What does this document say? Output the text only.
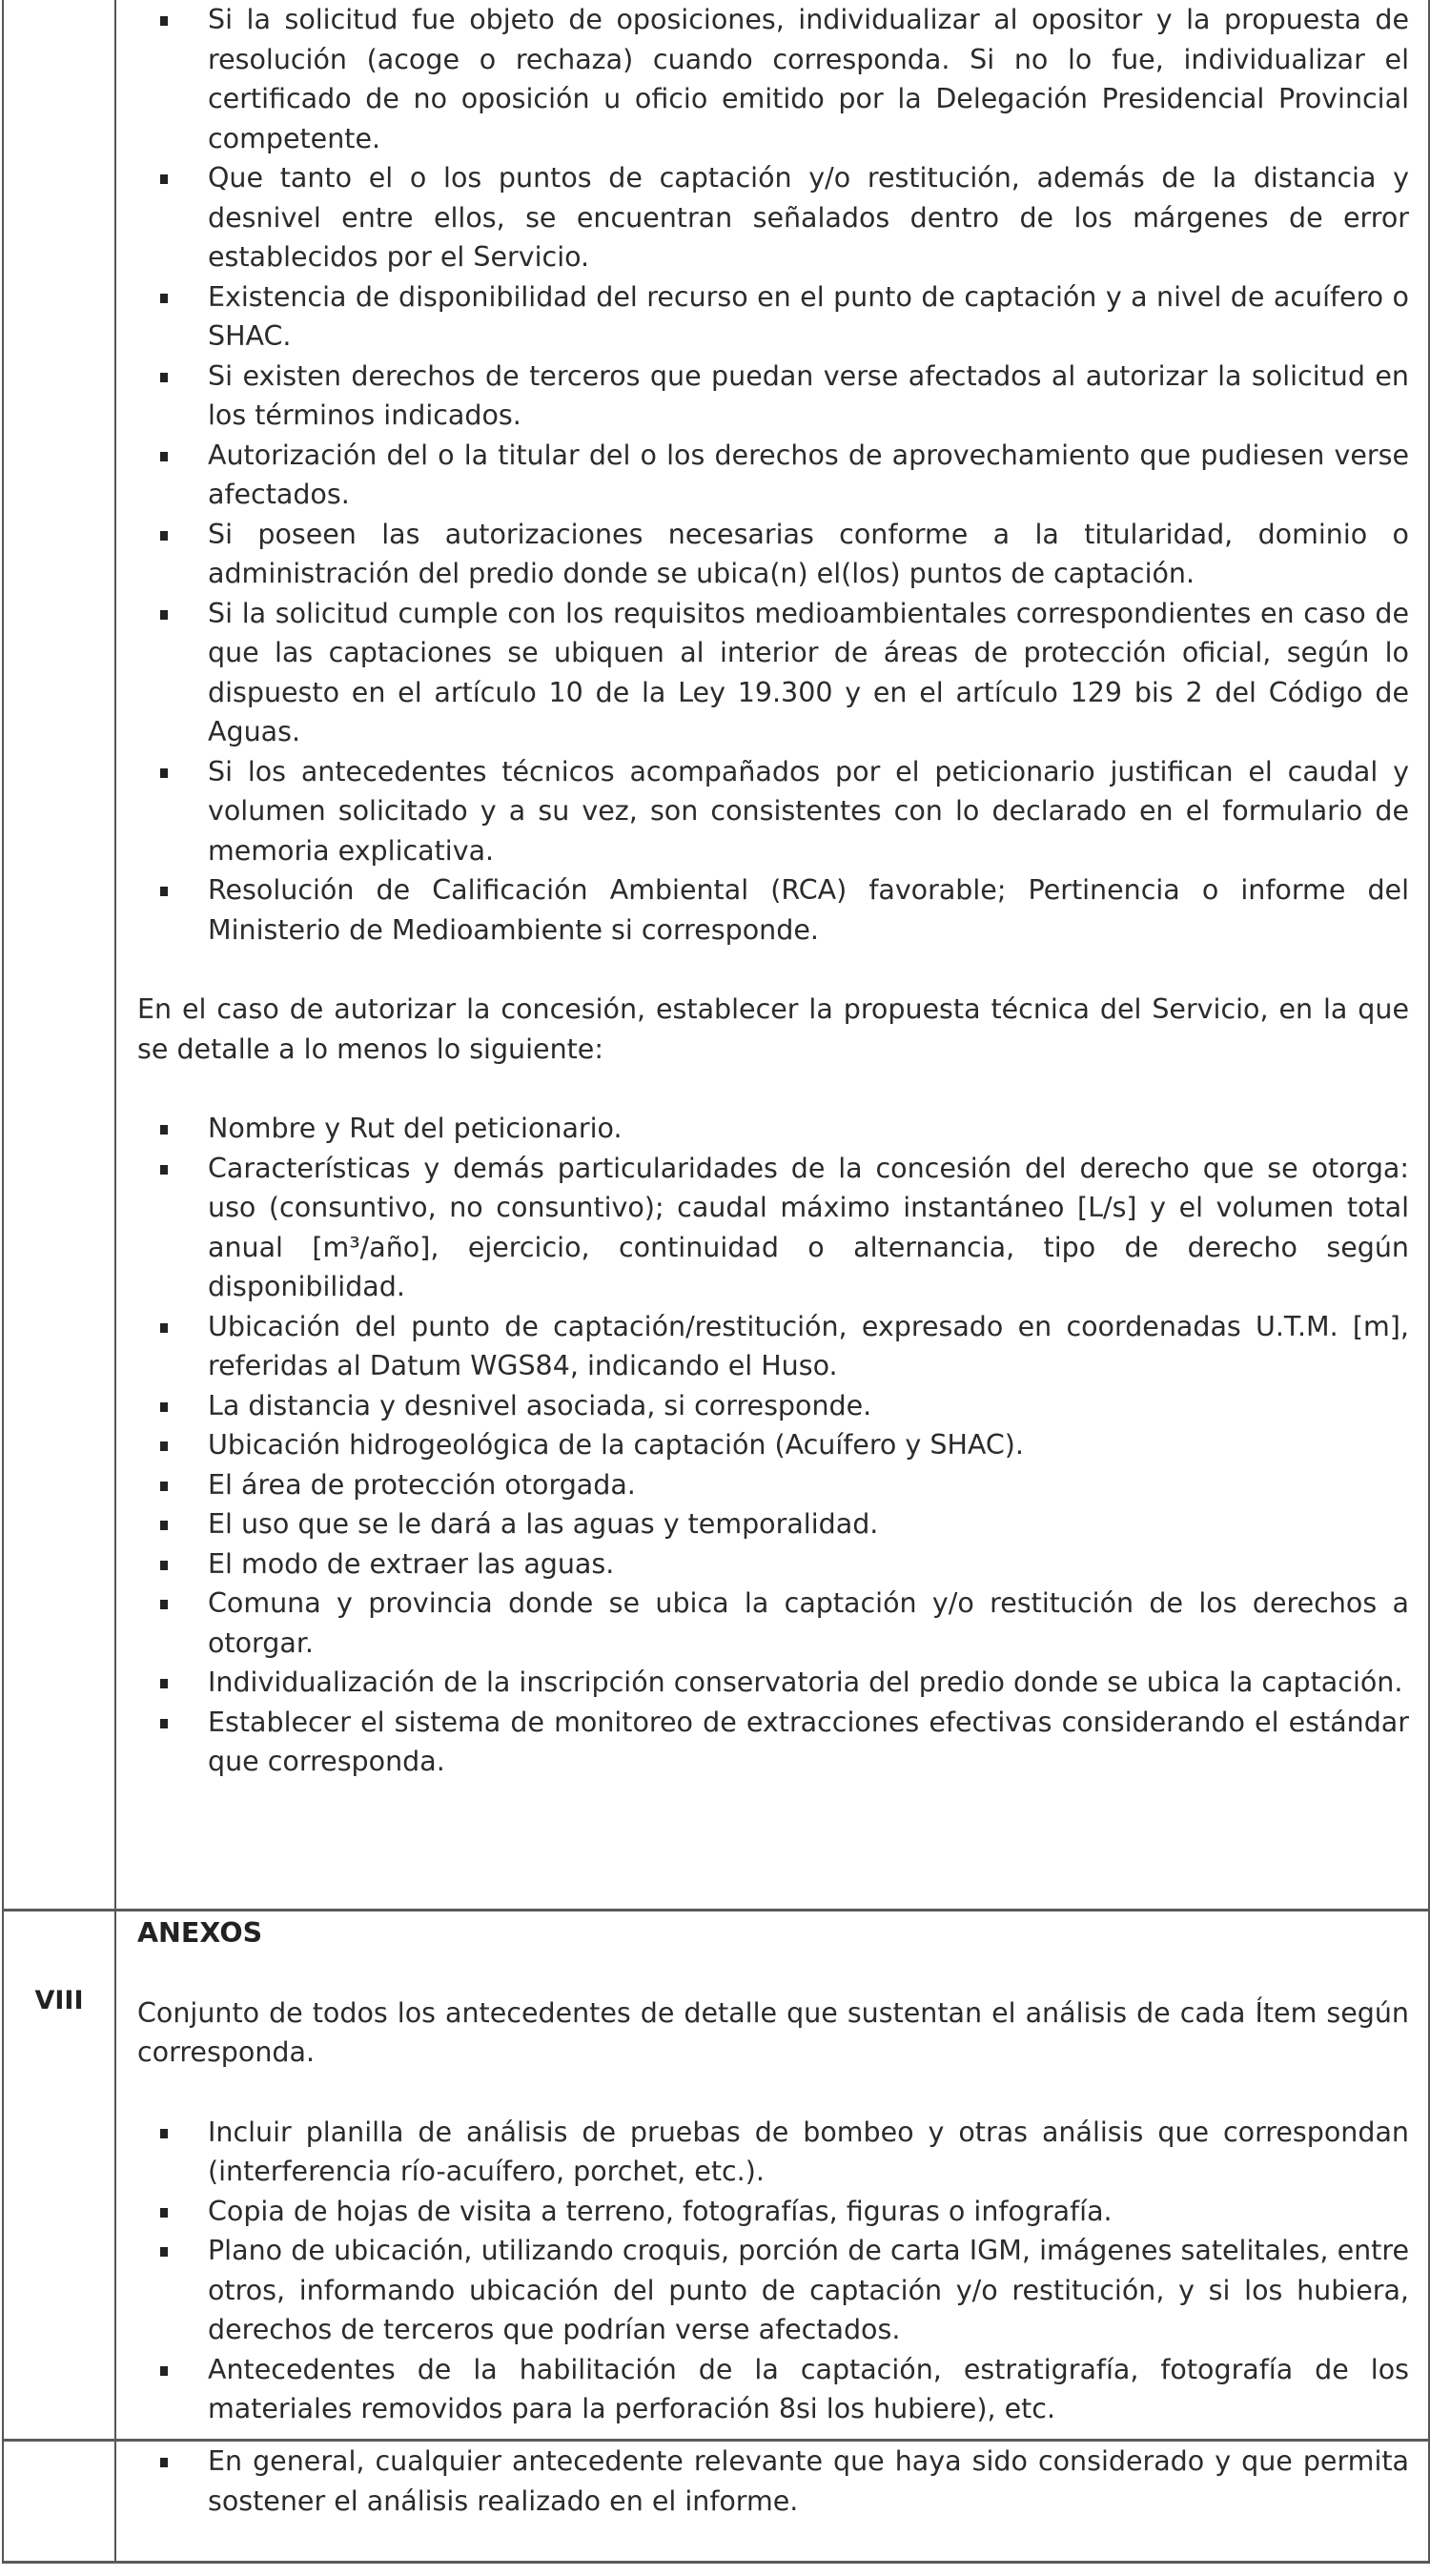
Si la solicitud fue objeto de oposiciones, individualizar al opositor y la propuesta de resolución (acoge o rechaza) cuando corresponda. Si no lo fue, individualizar el certificado de no oposición u oficio emitido por la Delegación Presidencial Provincial competente.
Que tanto el o los puntos de captación y/o restitución, además de la distancia y desnivel entre ellos, se encuentran señalados dentro de los márgenes de error establecidos por el Servicio.
Existencia de disponibilidad del recurso en el punto de captación y a nivel de acuífero o SHAC.
Si existen derechos de terceros que puedan verse afectados al autorizar la solicitud en los términos indicados.
Autorización del o la titular del o los derechos de aprovechamiento que pudiesen verse afectados.
Si poseen las autorizaciones necesarias conforme a la titularidad, dominio o administración del predio donde se ubica(n) el(los) puntos de captación.
Si la solicitud cumple con los requisitos medioambientales correspondientes en caso de que las captaciones se ubiquen al interior de áreas de protección oficial, según lo dispuesto en el artículo 10 de la Ley 19.300 y en el artículo 129 bis 2 del Código de Aguas.
Si los antecedentes técnicos acompañados por el peticionario justifican el caudal y volumen solicitado y a su vez, son consistentes con lo declarado en el formulario de memoria explicativa.
Resolución de Calificación Ambiental (RCA) favorable; Pertinencia o informe del Ministerio de Medioambiente si corresponde.

En el caso de autorizar la concesión, establecer la propuesta técnica del Servicio, en la que se detalle a lo menos lo siguiente:

Nombre y Rut del peticionario.
Características y demás particularidades de la concesión del derecho que se otorga: uso (consuntivo, no consuntivo); caudal máximo instantáneo [L/s] y el volumen total anual [m³/año], ejercicio, continuidad o alternancia, tipo de derecho según disponibilidad.
Ubicación del punto de captación/restitución, expresado en coordenadas U.T.M. [m], referidas al Datum WGS84, indicando el Huso.
La distancia y desnivel asociada, si corresponde.
Ubicación hidrogeológica de la captación (Acuífero y SHAC).
El área de protección otorgada.
El uso que se le dará a las aguas y temporalidad.
El modo de extraer las aguas.
Comuna y provincia donde se ubica la captación y/o restitución de los derechos a otorgar.
Individualización de la inscripción conservatoria del predio donde se ubica la captación.
Establecer el sistema de monitoreo de extracciones efectivas considerando el estándar que corresponda.
VIII

ANEXOS

Conjunto de todos los antecedentes de detalle que sustentan el análisis de cada Ítem según corresponda.

Incluir planilla de análisis de pruebas de bombeo y otras análisis que correspondan (interferencia río-acuífero, porchet, etc.).
Copia de hojas de visita a terreno, fotografías, figuras o infografía.
Plano de ubicación, utilizando croquis, porción de carta IGM, imágenes satelitales, entre otros, informando ubicación del punto de captación y/o restitución, y si los hubiera, derechos de terceros que podrían verse afectados.
Antecedentes de la habilitación de la captación, estratigrafía, fotografía de los materiales removidos para la perforación 8si los hubiere), etc.
En general, cualquier antecedente relevante que haya sido considerado y que permita sostener el análisis realizado en el informe.
